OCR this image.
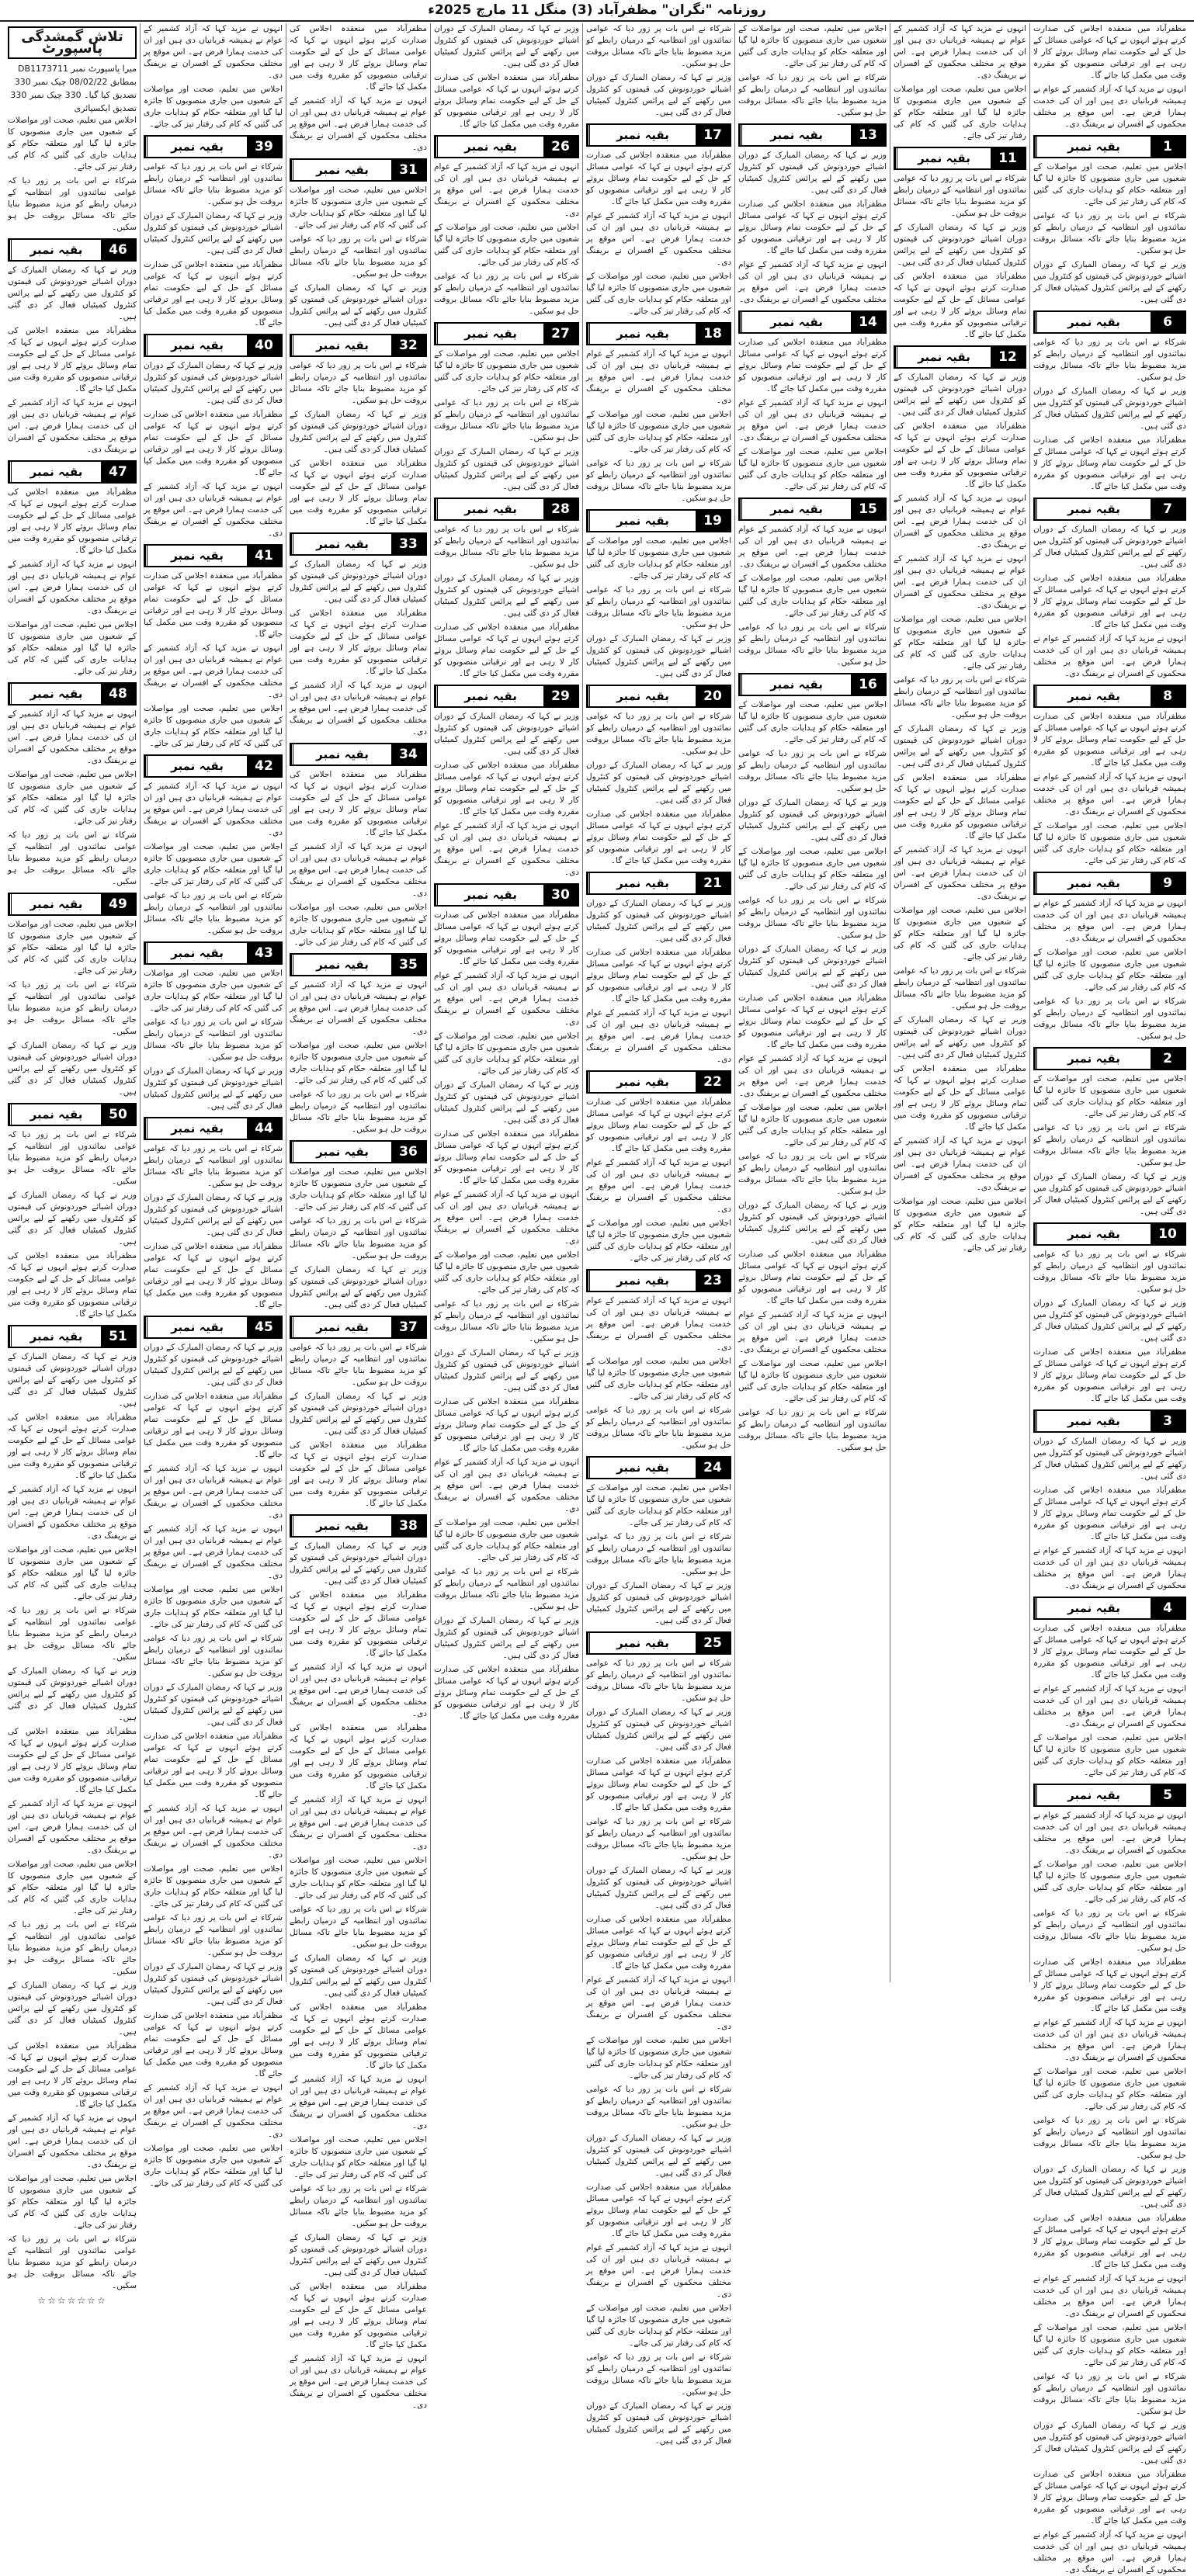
روزنامہ "نگران" مظفرآباد (3) منگل 11 مارچ 2025ء

مظفرآباد میں منعقدہ اجلاس کی صدارت کرتے ہوئے انہوں نے کہا کہ عوامی مسائل کے حل کے لیے حکومت تمام وسائل بروئے کار لا رہی ہے اور ترقیاتی منصوبوں کو مقررہ وقت میں مکمل کیا جائے گا۔

انہوں نے مزید کہا کہ آزاد کشمیر کے عوام نے ہمیشہ قربانیاں دی ہیں اور ان کی خدمت ہمارا فرض ہے۔ اس موقع پر مختلف محکموں کے افسران نے بریفنگ دی۔

بقیہ نمبر	1

اجلاس میں تعلیم، صحت اور مواصلات کے شعبوں میں جاری منصوبوں کا جائزہ لیا گیا اور متعلقہ حکام کو ہدایات جاری کی گئیں کہ کام کی رفتار تیز کی جائے۔

شرکاء نے اس بات پر زور دیا کہ عوامی نمائندوں اور انتظامیہ کے درمیان رابطے کو مزید مضبوط بنایا جائے تاکہ مسائل بروقت حل ہو سکیں۔

وزیر نے کہا کہ رمضان المبارک کے دوران اشیائے خوردونوش کی قیمتوں کو کنٹرول میں رکھنے کے لیے پرائس کنٹرول کمیٹیاں فعال کر دی گئی ہیں۔

بقیہ نمبر	6

شرکاء نے اس بات پر زور دیا کہ عوامی نمائندوں اور انتظامیہ کے درمیان رابطے کو مزید مضبوط بنایا جائے تاکہ مسائل بروقت حل ہو سکیں۔

وزیر نے کہا کہ رمضان المبارک کے دوران اشیائے خوردونوش کی قیمتوں کو کنٹرول میں رکھنے کے لیے پرائس کنٹرول کمیٹیاں فعال کر دی گئی ہیں۔

مظفرآباد میں منعقدہ اجلاس کی صدارت کرتے ہوئے انہوں نے کہا کہ عوامی مسائل کے حل کے لیے حکومت تمام وسائل بروئے کار لا رہی ہے اور ترقیاتی منصوبوں کو مقررہ وقت میں مکمل کیا جائے گا۔

بقیہ نمبر	7

وزیر نے کہا کہ رمضان المبارک کے دوران اشیائے خوردونوش کی قیمتوں کو کنٹرول میں رکھنے کے لیے پرائس کنٹرول کمیٹیاں فعال کر دی گئی ہیں۔

مظفرآباد میں منعقدہ اجلاس کی صدارت کرتے ہوئے انہوں نے کہا کہ عوامی مسائل کے حل کے لیے حکومت تمام وسائل بروئے کار لا رہی ہے اور ترقیاتی منصوبوں کو مقررہ وقت میں مکمل کیا جائے گا۔

انہوں نے مزید کہا کہ آزاد کشمیر کے عوام نے ہمیشہ قربانیاں دی ہیں اور ان کی خدمت ہمارا فرض ہے۔ اس موقع پر مختلف محکموں کے افسران نے بریفنگ دی۔

بقیہ نمبر	8

مظفرآباد میں منعقدہ اجلاس کی صدارت کرتے ہوئے انہوں نے کہا کہ عوامی مسائل کے حل کے لیے حکومت تمام وسائل بروئے کار لا رہی ہے اور ترقیاتی منصوبوں کو مقررہ وقت میں مکمل کیا جائے گا۔

انہوں نے مزید کہا کہ آزاد کشمیر کے عوام نے ہمیشہ قربانیاں دی ہیں اور ان کی خدمت ہمارا فرض ہے۔ اس موقع پر مختلف محکموں کے افسران نے بریفنگ دی۔

اجلاس میں تعلیم، صحت اور مواصلات کے شعبوں میں جاری منصوبوں کا جائزہ لیا گیا اور متعلقہ حکام کو ہدایات جاری کی گئیں کہ کام کی رفتار تیز کی جائے۔

بقیہ نمبر	9

انہوں نے مزید کہا کہ آزاد کشمیر کے عوام نے ہمیشہ قربانیاں دی ہیں اور ان کی خدمت ہمارا فرض ہے۔ اس موقع پر مختلف محکموں کے افسران نے بریفنگ دی۔

اجلاس میں تعلیم، صحت اور مواصلات کے شعبوں میں جاری منصوبوں کا جائزہ لیا گیا اور متعلقہ حکام کو ہدایات جاری کی گئیں کہ کام کی رفتار تیز کی جائے۔

شرکاء نے اس بات پر زور دیا کہ عوامی نمائندوں اور انتظامیہ کے درمیان رابطے کو مزید مضبوط بنایا جائے تاکہ مسائل بروقت حل ہو سکیں۔

بقیہ نمبر	2

اجلاس میں تعلیم، صحت اور مواصلات کے شعبوں میں جاری منصوبوں کا جائزہ لیا گیا اور متعلقہ حکام کو ہدایات جاری کی گئیں کہ کام کی رفتار تیز کی جائے۔

شرکاء نے اس بات پر زور دیا کہ عوامی نمائندوں اور انتظامیہ کے درمیان رابطے کو مزید مضبوط بنایا جائے تاکہ مسائل بروقت حل ہو سکیں۔

وزیر نے کہا کہ رمضان المبارک کے دوران اشیائے خوردونوش کی قیمتوں کو کنٹرول میں رکھنے کے لیے پرائس کنٹرول کمیٹیاں فعال کر دی گئی ہیں۔

بقیہ نمبر	10

شرکاء نے اس بات پر زور دیا کہ عوامی نمائندوں اور انتظامیہ کے درمیان رابطے کو مزید مضبوط بنایا جائے تاکہ مسائل بروقت حل ہو سکیں۔

وزیر نے کہا کہ رمضان المبارک کے دوران اشیائے خوردونوش کی قیمتوں کو کنٹرول میں رکھنے کے لیے پرائس کنٹرول کمیٹیاں فعال کر دی گئی ہیں۔

مظفرآباد میں منعقدہ اجلاس کی صدارت کرتے ہوئے انہوں نے کہا کہ عوامی مسائل کے حل کے لیے حکومت تمام وسائل بروئے کار لا رہی ہے اور ترقیاتی منصوبوں کو مقررہ وقت میں مکمل کیا جائے گا۔

بقیہ نمبر	3

وزیر نے کہا کہ رمضان المبارک کے دوران اشیائے خوردونوش کی قیمتوں کو کنٹرول میں رکھنے کے لیے پرائس کنٹرول کمیٹیاں فعال کر دی گئی ہیں۔

مظفرآباد میں منعقدہ اجلاس کی صدارت کرتے ہوئے انہوں نے کہا کہ عوامی مسائل کے حل کے لیے حکومت تمام وسائل بروئے کار لا رہی ہے اور ترقیاتی منصوبوں کو مقررہ وقت میں مکمل کیا جائے گا۔

انہوں نے مزید کہا کہ آزاد کشمیر کے عوام نے ہمیشہ قربانیاں دی ہیں اور ان کی خدمت ہمارا فرض ہے۔ اس موقع پر مختلف محکموں کے افسران نے بریفنگ دی۔

بقیہ نمبر	4

مظفرآباد میں منعقدہ اجلاس کی صدارت کرتے ہوئے انہوں نے کہا کہ عوامی مسائل کے حل کے لیے حکومت تمام وسائل بروئے کار لا رہی ہے اور ترقیاتی منصوبوں کو مقررہ وقت میں مکمل کیا جائے گا۔

انہوں نے مزید کہا کہ آزاد کشمیر کے عوام نے ہمیشہ قربانیاں دی ہیں اور ان کی خدمت ہمارا فرض ہے۔ اس موقع پر مختلف محکموں کے افسران نے بریفنگ دی۔

اجلاس میں تعلیم، صحت اور مواصلات کے شعبوں میں جاری منصوبوں کا جائزہ لیا گیا اور متعلقہ حکام کو ہدایات جاری کی گئیں کہ کام کی رفتار تیز کی جائے۔

بقیہ نمبر	5

انہوں نے مزید کہا کہ آزاد کشمیر کے عوام نے ہمیشہ قربانیاں دی ہیں اور ان کی خدمت ہمارا فرض ہے۔ اس موقع پر مختلف محکموں کے افسران نے بریفنگ دی۔

اجلاس میں تعلیم، صحت اور مواصلات کے شعبوں میں جاری منصوبوں کا جائزہ لیا گیا اور متعلقہ حکام کو ہدایات جاری کی گئیں کہ کام کی رفتار تیز کی جائے۔

شرکاء نے اس بات پر زور دیا کہ عوامی نمائندوں اور انتظامیہ کے درمیان رابطے کو مزید مضبوط بنایا جائے تاکہ مسائل بروقت حل ہو سکیں۔

مظفرآباد میں منعقدہ اجلاس کی صدارت کرتے ہوئے انہوں نے کہا کہ عوامی مسائل کے حل کے لیے حکومت تمام وسائل بروئے کار لا رہی ہے اور ترقیاتی منصوبوں کو مقررہ وقت میں مکمل کیا جائے گا۔

انہوں نے مزید کہا کہ آزاد کشمیر کے عوام نے ہمیشہ قربانیاں دی ہیں اور ان کی خدمت ہمارا فرض ہے۔ اس موقع پر مختلف محکموں کے افسران نے بریفنگ دی۔

اجلاس میں تعلیم، صحت اور مواصلات کے شعبوں میں جاری منصوبوں کا جائزہ لیا گیا اور متعلقہ حکام کو ہدایات جاری کی گئیں کہ کام کی رفتار تیز کی جائے۔

شرکاء نے اس بات پر زور دیا کہ عوامی نمائندوں اور انتظامیہ کے درمیان رابطے کو مزید مضبوط بنایا جائے تاکہ مسائل بروقت حل ہو سکیں۔

وزیر نے کہا کہ رمضان المبارک کے دوران اشیائے خوردونوش کی قیمتوں کو کنٹرول میں رکھنے کے لیے پرائس کنٹرول کمیٹیاں فعال کر دی گئی ہیں۔

مظفرآباد میں منعقدہ اجلاس کی صدارت کرتے ہوئے انہوں نے کہا کہ عوامی مسائل کے حل کے لیے حکومت تمام وسائل بروئے کار لا رہی ہے اور ترقیاتی منصوبوں کو مقررہ وقت میں مکمل کیا جائے گا۔

انہوں نے مزید کہا کہ آزاد کشمیر کے عوام نے ہمیشہ قربانیاں دی ہیں اور ان کی خدمت ہمارا فرض ہے۔ اس موقع پر مختلف محکموں کے افسران نے بریفنگ دی۔

اجلاس میں تعلیم، صحت اور مواصلات کے شعبوں میں جاری منصوبوں کا جائزہ لیا گیا اور متعلقہ حکام کو ہدایات جاری کی گئیں کہ کام کی رفتار تیز کی جائے۔

شرکاء نے اس بات پر زور دیا کہ عوامی نمائندوں اور انتظامیہ کے درمیان رابطے کو مزید مضبوط بنایا جائے تاکہ مسائل بروقت حل ہو سکیں۔

وزیر نے کہا کہ رمضان المبارک کے دوران اشیائے خوردونوش کی قیمتوں کو کنٹرول میں رکھنے کے لیے پرائس کنٹرول کمیٹیاں فعال کر دی گئی ہیں۔

مظفرآباد میں منعقدہ اجلاس کی صدارت کرتے ہوئے انہوں نے کہا کہ عوامی مسائل کے حل کے لیے حکومت تمام وسائل بروئے کار لا رہی ہے اور ترقیاتی منصوبوں کو مقررہ وقت میں مکمل کیا جائے گا۔

انہوں نے مزید کہا کہ آزاد کشمیر کے عوام نے ہمیشہ قربانیاں دی ہیں اور ان کی خدمت ہمارا فرض ہے۔ اس موقع پر مختلف محکموں کے افسران نے بریفنگ دی۔

انہوں نے مزید کہا کہ آزاد کشمیر کے عوام نے ہمیشہ قربانیاں دی ہیں اور ان کی خدمت ہمارا فرض ہے۔ اس موقع پر مختلف محکموں کے افسران نے بریفنگ دی۔

اجلاس میں تعلیم، صحت اور مواصلات کے شعبوں میں جاری منصوبوں کا جائزہ لیا گیا اور متعلقہ حکام کو ہدایات جاری کی گئیں کہ کام کی رفتار تیز کی جائے۔

بقیہ نمبر	11

شرکاء نے اس بات پر زور دیا کہ عوامی نمائندوں اور انتظامیہ کے درمیان رابطے کو مزید مضبوط بنایا جائے تاکہ مسائل بروقت حل ہو سکیں۔

وزیر نے کہا کہ رمضان المبارک کے دوران اشیائے خوردونوش کی قیمتوں کو کنٹرول میں رکھنے کے لیے پرائس کنٹرول کمیٹیاں فعال کر دی گئی ہیں۔

مظفرآباد میں منعقدہ اجلاس کی صدارت کرتے ہوئے انہوں نے کہا کہ عوامی مسائل کے حل کے لیے حکومت تمام وسائل بروئے کار لا رہی ہے اور ترقیاتی منصوبوں کو مقررہ وقت میں مکمل کیا جائے گا۔

بقیہ نمبر	12

وزیر نے کہا کہ رمضان المبارک کے دوران اشیائے خوردونوش کی قیمتوں کو کنٹرول میں رکھنے کے لیے پرائس کنٹرول کمیٹیاں فعال کر دی گئی ہیں۔

مظفرآباد میں منعقدہ اجلاس کی صدارت کرتے ہوئے انہوں نے کہا کہ عوامی مسائل کے حل کے لیے حکومت تمام وسائل بروئے کار لا رہی ہے اور ترقیاتی منصوبوں کو مقررہ وقت میں مکمل کیا جائے گا۔

انہوں نے مزید کہا کہ آزاد کشمیر کے عوام نے ہمیشہ قربانیاں دی ہیں اور ان کی خدمت ہمارا فرض ہے۔ اس موقع پر مختلف محکموں کے افسران نے بریفنگ دی۔

انہوں نے مزید کہا کہ آزاد کشمیر کے عوام نے ہمیشہ قربانیاں دی ہیں اور ان کی خدمت ہمارا فرض ہے۔ اس موقع پر مختلف محکموں کے افسران نے بریفنگ دی۔

اجلاس میں تعلیم، صحت اور مواصلات کے شعبوں میں جاری منصوبوں کا جائزہ لیا گیا اور متعلقہ حکام کو ہدایات جاری کی گئیں کہ کام کی رفتار تیز کی جائے۔

شرکاء نے اس بات پر زور دیا کہ عوامی نمائندوں اور انتظامیہ کے درمیان رابطے کو مزید مضبوط بنایا جائے تاکہ مسائل بروقت حل ہو سکیں۔

وزیر نے کہا کہ رمضان المبارک کے دوران اشیائے خوردونوش کی قیمتوں کو کنٹرول میں رکھنے کے لیے پرائس کنٹرول کمیٹیاں فعال کر دی گئی ہیں۔

مظفرآباد میں منعقدہ اجلاس کی صدارت کرتے ہوئے انہوں نے کہا کہ عوامی مسائل کے حل کے لیے حکومت تمام وسائل بروئے کار لا رہی ہے اور ترقیاتی منصوبوں کو مقررہ وقت میں مکمل کیا جائے گا۔

انہوں نے مزید کہا کہ آزاد کشمیر کے عوام نے ہمیشہ قربانیاں دی ہیں اور ان کی خدمت ہمارا فرض ہے۔ اس موقع پر مختلف محکموں کے افسران نے بریفنگ دی۔

اجلاس میں تعلیم، صحت اور مواصلات کے شعبوں میں جاری منصوبوں کا جائزہ لیا گیا اور متعلقہ حکام کو ہدایات جاری کی گئیں کہ کام کی رفتار تیز کی جائے۔

شرکاء نے اس بات پر زور دیا کہ عوامی نمائندوں اور انتظامیہ کے درمیان رابطے کو مزید مضبوط بنایا جائے تاکہ مسائل بروقت حل ہو سکیں۔

وزیر نے کہا کہ رمضان المبارک کے دوران اشیائے خوردونوش کی قیمتوں کو کنٹرول میں رکھنے کے لیے پرائس کنٹرول کمیٹیاں فعال کر دی گئی ہیں۔

مظفرآباد میں منعقدہ اجلاس کی صدارت کرتے ہوئے انہوں نے کہا کہ عوامی مسائل کے حل کے لیے حکومت تمام وسائل بروئے کار لا رہی ہے اور ترقیاتی منصوبوں کو مقررہ وقت میں مکمل کیا جائے گا۔

انہوں نے مزید کہا کہ آزاد کشمیر کے عوام نے ہمیشہ قربانیاں دی ہیں اور ان کی خدمت ہمارا فرض ہے۔ اس موقع پر مختلف محکموں کے افسران نے بریفنگ دی۔

اجلاس میں تعلیم، صحت اور مواصلات کے شعبوں میں جاری منصوبوں کا جائزہ لیا گیا اور متعلقہ حکام کو ہدایات جاری کی گئیں کہ کام کی رفتار تیز کی جائے۔

اجلاس میں تعلیم، صحت اور مواصلات کے شعبوں میں جاری منصوبوں کا جائزہ لیا گیا اور متعلقہ حکام کو ہدایات جاری کی گئیں کہ کام کی رفتار تیز کی جائے۔

شرکاء نے اس بات پر زور دیا کہ عوامی نمائندوں اور انتظامیہ کے درمیان رابطے کو مزید مضبوط بنایا جائے تاکہ مسائل بروقت حل ہو سکیں۔

بقیہ نمبر	13

وزیر نے کہا کہ رمضان المبارک کے دوران اشیائے خوردونوش کی قیمتوں کو کنٹرول میں رکھنے کے لیے پرائس کنٹرول کمیٹیاں فعال کر دی گئی ہیں۔

مظفرآباد میں منعقدہ اجلاس کی صدارت کرتے ہوئے انہوں نے کہا کہ عوامی مسائل کے حل کے لیے حکومت تمام وسائل بروئے کار لا رہی ہے اور ترقیاتی منصوبوں کو مقررہ وقت میں مکمل کیا جائے گا۔

انہوں نے مزید کہا کہ آزاد کشمیر کے عوام نے ہمیشہ قربانیاں دی ہیں اور ان کی خدمت ہمارا فرض ہے۔ اس موقع پر مختلف محکموں کے افسران نے بریفنگ دی۔

بقیہ نمبر	14

مظفرآباد میں منعقدہ اجلاس کی صدارت کرتے ہوئے انہوں نے کہا کہ عوامی مسائل کے حل کے لیے حکومت تمام وسائل بروئے کار لا رہی ہے اور ترقیاتی منصوبوں کو مقررہ وقت میں مکمل کیا جائے گا۔

انہوں نے مزید کہا کہ آزاد کشمیر کے عوام نے ہمیشہ قربانیاں دی ہیں اور ان کی خدمت ہمارا فرض ہے۔ اس موقع پر مختلف محکموں کے افسران نے بریفنگ دی۔

اجلاس میں تعلیم، صحت اور مواصلات کے شعبوں میں جاری منصوبوں کا جائزہ لیا گیا اور متعلقہ حکام کو ہدایات جاری کی گئیں کہ کام کی رفتار تیز کی جائے۔

بقیہ نمبر	15

انہوں نے مزید کہا کہ آزاد کشمیر کے عوام نے ہمیشہ قربانیاں دی ہیں اور ان کی خدمت ہمارا فرض ہے۔ اس موقع پر مختلف محکموں کے افسران نے بریفنگ دی۔

اجلاس میں تعلیم، صحت اور مواصلات کے شعبوں میں جاری منصوبوں کا جائزہ لیا گیا اور متعلقہ حکام کو ہدایات جاری کی گئیں کہ کام کی رفتار تیز کی جائے۔

شرکاء نے اس بات پر زور دیا کہ عوامی نمائندوں اور انتظامیہ کے درمیان رابطے کو مزید مضبوط بنایا جائے تاکہ مسائل بروقت حل ہو سکیں۔

بقیہ نمبر	16

اجلاس میں تعلیم، صحت اور مواصلات کے شعبوں میں جاری منصوبوں کا جائزہ لیا گیا اور متعلقہ حکام کو ہدایات جاری کی گئیں کہ کام کی رفتار تیز کی جائے۔

شرکاء نے اس بات پر زور دیا کہ عوامی نمائندوں اور انتظامیہ کے درمیان رابطے کو مزید مضبوط بنایا جائے تاکہ مسائل بروقت حل ہو سکیں۔

وزیر نے کہا کہ رمضان المبارک کے دوران اشیائے خوردونوش کی قیمتوں کو کنٹرول میں رکھنے کے لیے پرائس کنٹرول کمیٹیاں فعال کر دی گئی ہیں۔

اجلاس میں تعلیم، صحت اور مواصلات کے شعبوں میں جاری منصوبوں کا جائزہ لیا گیا اور متعلقہ حکام کو ہدایات جاری کی گئیں کہ کام کی رفتار تیز کی جائے۔

شرکاء نے اس بات پر زور دیا کہ عوامی نمائندوں اور انتظامیہ کے درمیان رابطے کو مزید مضبوط بنایا جائے تاکہ مسائل بروقت حل ہو سکیں۔

وزیر نے کہا کہ رمضان المبارک کے دوران اشیائے خوردونوش کی قیمتوں کو کنٹرول میں رکھنے کے لیے پرائس کنٹرول کمیٹیاں فعال کر دی گئی ہیں۔

مظفرآباد میں منعقدہ اجلاس کی صدارت کرتے ہوئے انہوں نے کہا کہ عوامی مسائل کے حل کے لیے حکومت تمام وسائل بروئے کار لا رہی ہے اور ترقیاتی منصوبوں کو مقررہ وقت میں مکمل کیا جائے گا۔

انہوں نے مزید کہا کہ آزاد کشمیر کے عوام نے ہمیشہ قربانیاں دی ہیں اور ان کی خدمت ہمارا فرض ہے۔ اس موقع پر مختلف محکموں کے افسران نے بریفنگ دی۔

اجلاس میں تعلیم، صحت اور مواصلات کے شعبوں میں جاری منصوبوں کا جائزہ لیا گیا اور متعلقہ حکام کو ہدایات جاری کی گئیں کہ کام کی رفتار تیز کی جائے۔

شرکاء نے اس بات پر زور دیا کہ عوامی نمائندوں اور انتظامیہ کے درمیان رابطے کو مزید مضبوط بنایا جائے تاکہ مسائل بروقت حل ہو سکیں۔

وزیر نے کہا کہ رمضان المبارک کے دوران اشیائے خوردونوش کی قیمتوں کو کنٹرول میں رکھنے کے لیے پرائس کنٹرول کمیٹیاں فعال کر دی گئی ہیں۔

مظفرآباد میں منعقدہ اجلاس کی صدارت کرتے ہوئے انہوں نے کہا کہ عوامی مسائل کے حل کے لیے حکومت تمام وسائل بروئے کار لا رہی ہے اور ترقیاتی منصوبوں کو مقررہ وقت میں مکمل کیا جائے گا۔

انہوں نے مزید کہا کہ آزاد کشمیر کے عوام نے ہمیشہ قربانیاں دی ہیں اور ان کی خدمت ہمارا فرض ہے۔ اس موقع پر مختلف محکموں کے افسران نے بریفنگ دی۔

اجلاس میں تعلیم، صحت اور مواصلات کے شعبوں میں جاری منصوبوں کا جائزہ لیا گیا اور متعلقہ حکام کو ہدایات جاری کی گئیں کہ کام کی رفتار تیز کی جائے۔

شرکاء نے اس بات پر زور دیا کہ عوامی نمائندوں اور انتظامیہ کے درمیان رابطے کو مزید مضبوط بنایا جائے تاکہ مسائل بروقت حل ہو سکیں۔

شرکاء نے اس بات پر زور دیا کہ عوامی نمائندوں اور انتظامیہ کے درمیان رابطے کو مزید مضبوط بنایا جائے تاکہ مسائل بروقت حل ہو سکیں۔

وزیر نے کہا کہ رمضان المبارک کے دوران اشیائے خوردونوش کی قیمتوں کو کنٹرول میں رکھنے کے لیے پرائس کنٹرول کمیٹیاں فعال کر دی گئی ہیں۔

بقیہ نمبر	17

مظفرآباد میں منعقدہ اجلاس کی صدارت کرتے ہوئے انہوں نے کہا کہ عوامی مسائل کے حل کے لیے حکومت تمام وسائل بروئے کار لا رہی ہے اور ترقیاتی منصوبوں کو مقررہ وقت میں مکمل کیا جائے گا۔

انہوں نے مزید کہا کہ آزاد کشمیر کے عوام نے ہمیشہ قربانیاں دی ہیں اور ان کی خدمت ہمارا فرض ہے۔ اس موقع پر مختلف محکموں کے افسران نے بریفنگ دی۔

اجلاس میں تعلیم، صحت اور مواصلات کے شعبوں میں جاری منصوبوں کا جائزہ لیا گیا اور متعلقہ حکام کو ہدایات جاری کی گئیں کہ کام کی رفتار تیز کی جائے۔

بقیہ نمبر	18

انہوں نے مزید کہا کہ آزاد کشمیر کے عوام نے ہمیشہ قربانیاں دی ہیں اور ان کی خدمت ہمارا فرض ہے۔ اس موقع پر مختلف محکموں کے افسران نے بریفنگ دی۔

اجلاس میں تعلیم، صحت اور مواصلات کے شعبوں میں جاری منصوبوں کا جائزہ لیا گیا اور متعلقہ حکام کو ہدایات جاری کی گئیں کہ کام کی رفتار تیز کی جائے۔

شرکاء نے اس بات پر زور دیا کہ عوامی نمائندوں اور انتظامیہ کے درمیان رابطے کو مزید مضبوط بنایا جائے تاکہ مسائل بروقت حل ہو سکیں۔

بقیہ نمبر	19

اجلاس میں تعلیم، صحت اور مواصلات کے شعبوں میں جاری منصوبوں کا جائزہ لیا گیا اور متعلقہ حکام کو ہدایات جاری کی گئیں کہ کام کی رفتار تیز کی جائے۔

شرکاء نے اس بات پر زور دیا کہ عوامی نمائندوں اور انتظامیہ کے درمیان رابطے کو مزید مضبوط بنایا جائے تاکہ مسائل بروقت حل ہو سکیں۔

وزیر نے کہا کہ رمضان المبارک کے دوران اشیائے خوردونوش کی قیمتوں کو کنٹرول میں رکھنے کے لیے پرائس کنٹرول کمیٹیاں فعال کر دی گئی ہیں۔

بقیہ نمبر	20

شرکاء نے اس بات پر زور دیا کہ عوامی نمائندوں اور انتظامیہ کے درمیان رابطے کو مزید مضبوط بنایا جائے تاکہ مسائل بروقت حل ہو سکیں۔

وزیر نے کہا کہ رمضان المبارک کے دوران اشیائے خوردونوش کی قیمتوں کو کنٹرول میں رکھنے کے لیے پرائس کنٹرول کمیٹیاں فعال کر دی گئی ہیں۔

مظفرآباد میں منعقدہ اجلاس کی صدارت کرتے ہوئے انہوں نے کہا کہ عوامی مسائل کے حل کے لیے حکومت تمام وسائل بروئے کار لا رہی ہے اور ترقیاتی منصوبوں کو مقررہ وقت میں مکمل کیا جائے گا۔

بقیہ نمبر	21

وزیر نے کہا کہ رمضان المبارک کے دوران اشیائے خوردونوش کی قیمتوں کو کنٹرول میں رکھنے کے لیے پرائس کنٹرول کمیٹیاں فعال کر دی گئی ہیں۔

مظفرآباد میں منعقدہ اجلاس کی صدارت کرتے ہوئے انہوں نے کہا کہ عوامی مسائل کے حل کے لیے حکومت تمام وسائل بروئے کار لا رہی ہے اور ترقیاتی منصوبوں کو مقررہ وقت میں مکمل کیا جائے گا۔

انہوں نے مزید کہا کہ آزاد کشمیر کے عوام نے ہمیشہ قربانیاں دی ہیں اور ان کی خدمت ہمارا فرض ہے۔ اس موقع پر مختلف محکموں کے افسران نے بریفنگ دی۔

بقیہ نمبر	22

مظفرآباد میں منعقدہ اجلاس کی صدارت کرتے ہوئے انہوں نے کہا کہ عوامی مسائل کے حل کے لیے حکومت تمام وسائل بروئے کار لا رہی ہے اور ترقیاتی منصوبوں کو مقررہ وقت میں مکمل کیا جائے گا۔

انہوں نے مزید کہا کہ آزاد کشمیر کے عوام نے ہمیشہ قربانیاں دی ہیں اور ان کی خدمت ہمارا فرض ہے۔ اس موقع پر مختلف محکموں کے افسران نے بریفنگ دی۔

اجلاس میں تعلیم، صحت اور مواصلات کے شعبوں میں جاری منصوبوں کا جائزہ لیا گیا اور متعلقہ حکام کو ہدایات جاری کی گئیں کہ کام کی رفتار تیز کی جائے۔

بقیہ نمبر	23

انہوں نے مزید کہا کہ آزاد کشمیر کے عوام نے ہمیشہ قربانیاں دی ہیں اور ان کی خدمت ہمارا فرض ہے۔ اس موقع پر مختلف محکموں کے افسران نے بریفنگ دی۔

اجلاس میں تعلیم، صحت اور مواصلات کے شعبوں میں جاری منصوبوں کا جائزہ لیا گیا اور متعلقہ حکام کو ہدایات جاری کی گئیں کہ کام کی رفتار تیز کی جائے۔

شرکاء نے اس بات پر زور دیا کہ عوامی نمائندوں اور انتظامیہ کے درمیان رابطے کو مزید مضبوط بنایا جائے تاکہ مسائل بروقت حل ہو سکیں۔

بقیہ نمبر	24

اجلاس میں تعلیم، صحت اور مواصلات کے شعبوں میں جاری منصوبوں کا جائزہ لیا گیا اور متعلقہ حکام کو ہدایات جاری کی گئیں کہ کام کی رفتار تیز کی جائے۔

شرکاء نے اس بات پر زور دیا کہ عوامی نمائندوں اور انتظامیہ کے درمیان رابطے کو مزید مضبوط بنایا جائے تاکہ مسائل بروقت حل ہو سکیں۔

وزیر نے کہا کہ رمضان المبارک کے دوران اشیائے خوردونوش کی قیمتوں کو کنٹرول میں رکھنے کے لیے پرائس کنٹرول کمیٹیاں فعال کر دی گئی ہیں۔

بقیہ نمبر	25

شرکاء نے اس بات پر زور دیا کہ عوامی نمائندوں اور انتظامیہ کے درمیان رابطے کو مزید مضبوط بنایا جائے تاکہ مسائل بروقت حل ہو سکیں۔

وزیر نے کہا کہ رمضان المبارک کے دوران اشیائے خوردونوش کی قیمتوں کو کنٹرول میں رکھنے کے لیے پرائس کنٹرول کمیٹیاں فعال کر دی گئی ہیں۔

مظفرآباد میں منعقدہ اجلاس کی صدارت کرتے ہوئے انہوں نے کہا کہ عوامی مسائل کے حل کے لیے حکومت تمام وسائل بروئے کار لا رہی ہے اور ترقیاتی منصوبوں کو مقررہ وقت میں مکمل کیا جائے گا۔

شرکاء نے اس بات پر زور دیا کہ عوامی نمائندوں اور انتظامیہ کے درمیان رابطے کو مزید مضبوط بنایا جائے تاکہ مسائل بروقت حل ہو سکیں۔

وزیر نے کہا کہ رمضان المبارک کے دوران اشیائے خوردونوش کی قیمتوں کو کنٹرول میں رکھنے کے لیے پرائس کنٹرول کمیٹیاں فعال کر دی گئی ہیں۔

مظفرآباد میں منعقدہ اجلاس کی صدارت کرتے ہوئے انہوں نے کہا کہ عوامی مسائل کے حل کے لیے حکومت تمام وسائل بروئے کار لا رہی ہے اور ترقیاتی منصوبوں کو مقررہ وقت میں مکمل کیا جائے گا۔

انہوں نے مزید کہا کہ آزاد کشمیر کے عوام نے ہمیشہ قربانیاں دی ہیں اور ان کی خدمت ہمارا فرض ہے۔ اس موقع پر مختلف محکموں کے افسران نے بریفنگ دی۔

اجلاس میں تعلیم، صحت اور مواصلات کے شعبوں میں جاری منصوبوں کا جائزہ لیا گیا اور متعلقہ حکام کو ہدایات جاری کی گئیں کہ کام کی رفتار تیز کی جائے۔

شرکاء نے اس بات پر زور دیا کہ عوامی نمائندوں اور انتظامیہ کے درمیان رابطے کو مزید مضبوط بنایا جائے تاکہ مسائل بروقت حل ہو سکیں۔

وزیر نے کہا کہ رمضان المبارک کے دوران اشیائے خوردونوش کی قیمتوں کو کنٹرول میں رکھنے کے لیے پرائس کنٹرول کمیٹیاں فعال کر دی گئی ہیں۔

مظفرآباد میں منعقدہ اجلاس کی صدارت کرتے ہوئے انہوں نے کہا کہ عوامی مسائل کے حل کے لیے حکومت تمام وسائل بروئے کار لا رہی ہے اور ترقیاتی منصوبوں کو مقررہ وقت میں مکمل کیا جائے گا۔

انہوں نے مزید کہا کہ آزاد کشمیر کے عوام نے ہمیشہ قربانیاں دی ہیں اور ان کی خدمت ہمارا فرض ہے۔ اس موقع پر مختلف محکموں کے افسران نے بریفنگ دی۔

اجلاس میں تعلیم، صحت اور مواصلات کے شعبوں میں جاری منصوبوں کا جائزہ لیا گیا اور متعلقہ حکام کو ہدایات جاری کی گئیں کہ کام کی رفتار تیز کی جائے۔

شرکاء نے اس بات پر زور دیا کہ عوامی نمائندوں اور انتظامیہ کے درمیان رابطے کو مزید مضبوط بنایا جائے تاکہ مسائل بروقت حل ہو سکیں۔

وزیر نے کہا کہ رمضان المبارک کے دوران اشیائے خوردونوش کی قیمتوں کو کنٹرول میں رکھنے کے لیے پرائس کنٹرول کمیٹیاں فعال کر دی گئی ہیں۔

وزیر نے کہا کہ رمضان المبارک کے دوران اشیائے خوردونوش کی قیمتوں کو کنٹرول میں رکھنے کے لیے پرائس کنٹرول کمیٹیاں فعال کر دی گئی ہیں۔

مظفرآباد میں منعقدہ اجلاس کی صدارت کرتے ہوئے انہوں نے کہا کہ عوامی مسائل کے حل کے لیے حکومت تمام وسائل بروئے کار لا رہی ہے اور ترقیاتی منصوبوں کو مقررہ وقت میں مکمل کیا جائے گا۔

بقیہ نمبر	26

انہوں نے مزید کہا کہ آزاد کشمیر کے عوام نے ہمیشہ قربانیاں دی ہیں اور ان کی خدمت ہمارا فرض ہے۔ اس موقع پر مختلف محکموں کے افسران نے بریفنگ دی۔

اجلاس میں تعلیم، صحت اور مواصلات کے شعبوں میں جاری منصوبوں کا جائزہ لیا گیا اور متعلقہ حکام کو ہدایات جاری کی گئیں کہ کام کی رفتار تیز کی جائے۔

شرکاء نے اس بات پر زور دیا کہ عوامی نمائندوں اور انتظامیہ کے درمیان رابطے کو مزید مضبوط بنایا جائے تاکہ مسائل بروقت حل ہو سکیں۔

بقیہ نمبر	27

اجلاس میں تعلیم، صحت اور مواصلات کے شعبوں میں جاری منصوبوں کا جائزہ لیا گیا اور متعلقہ حکام کو ہدایات جاری کی گئیں کہ کام کی رفتار تیز کی جائے۔

شرکاء نے اس بات پر زور دیا کہ عوامی نمائندوں اور انتظامیہ کے درمیان رابطے کو مزید مضبوط بنایا جائے تاکہ مسائل بروقت حل ہو سکیں۔

وزیر نے کہا کہ رمضان المبارک کے دوران اشیائے خوردونوش کی قیمتوں کو کنٹرول میں رکھنے کے لیے پرائس کنٹرول کمیٹیاں فعال کر دی گئی ہیں۔

بقیہ نمبر	28

شرکاء نے اس بات پر زور دیا کہ عوامی نمائندوں اور انتظامیہ کے درمیان رابطے کو مزید مضبوط بنایا جائے تاکہ مسائل بروقت حل ہو سکیں۔

وزیر نے کہا کہ رمضان المبارک کے دوران اشیائے خوردونوش کی قیمتوں کو کنٹرول میں رکھنے کے لیے پرائس کنٹرول کمیٹیاں فعال کر دی گئی ہیں۔

مظفرآباد میں منعقدہ اجلاس کی صدارت کرتے ہوئے انہوں نے کہا کہ عوامی مسائل کے حل کے لیے حکومت تمام وسائل بروئے کار لا رہی ہے اور ترقیاتی منصوبوں کو مقررہ وقت میں مکمل کیا جائے گا۔

بقیہ نمبر	29

وزیر نے کہا کہ رمضان المبارک کے دوران اشیائے خوردونوش کی قیمتوں کو کنٹرول میں رکھنے کے لیے پرائس کنٹرول کمیٹیاں فعال کر دی گئی ہیں۔

مظفرآباد میں منعقدہ اجلاس کی صدارت کرتے ہوئے انہوں نے کہا کہ عوامی مسائل کے حل کے لیے حکومت تمام وسائل بروئے کار لا رہی ہے اور ترقیاتی منصوبوں کو مقررہ وقت میں مکمل کیا جائے گا۔

انہوں نے مزید کہا کہ آزاد کشمیر کے عوام نے ہمیشہ قربانیاں دی ہیں اور ان کی خدمت ہمارا فرض ہے۔ اس موقع پر مختلف محکموں کے افسران نے بریفنگ دی۔

بقیہ نمبر	30

مظفرآباد میں منعقدہ اجلاس کی صدارت کرتے ہوئے انہوں نے کہا کہ عوامی مسائل کے حل کے لیے حکومت تمام وسائل بروئے کار لا رہی ہے اور ترقیاتی منصوبوں کو مقررہ وقت میں مکمل کیا جائے گا۔

انہوں نے مزید کہا کہ آزاد کشمیر کے عوام نے ہمیشہ قربانیاں دی ہیں اور ان کی خدمت ہمارا فرض ہے۔ اس موقع پر مختلف محکموں کے افسران نے بریفنگ دی۔

اجلاس میں تعلیم، صحت اور مواصلات کے شعبوں میں جاری منصوبوں کا جائزہ لیا گیا اور متعلقہ حکام کو ہدایات جاری کی گئیں کہ کام کی رفتار تیز کی جائے۔

وزیر نے کہا کہ رمضان المبارک کے دوران اشیائے خوردونوش کی قیمتوں کو کنٹرول میں رکھنے کے لیے پرائس کنٹرول کمیٹیاں فعال کر دی گئی ہیں۔

مظفرآباد میں منعقدہ اجلاس کی صدارت کرتے ہوئے انہوں نے کہا کہ عوامی مسائل کے حل کے لیے حکومت تمام وسائل بروئے کار لا رہی ہے اور ترقیاتی منصوبوں کو مقررہ وقت میں مکمل کیا جائے گا۔

انہوں نے مزید کہا کہ آزاد کشمیر کے عوام نے ہمیشہ قربانیاں دی ہیں اور ان کی خدمت ہمارا فرض ہے۔ اس موقع پر مختلف محکموں کے افسران نے بریفنگ دی۔

اجلاس میں تعلیم، صحت اور مواصلات کے شعبوں میں جاری منصوبوں کا جائزہ لیا گیا اور متعلقہ حکام کو ہدایات جاری کی گئیں کہ کام کی رفتار تیز کی جائے۔

شرکاء نے اس بات پر زور دیا کہ عوامی نمائندوں اور انتظامیہ کے درمیان رابطے کو مزید مضبوط بنایا جائے تاکہ مسائل بروقت حل ہو سکیں۔

وزیر نے کہا کہ رمضان المبارک کے دوران اشیائے خوردونوش کی قیمتوں کو کنٹرول میں رکھنے کے لیے پرائس کنٹرول کمیٹیاں فعال کر دی گئی ہیں۔

مظفرآباد میں منعقدہ اجلاس کی صدارت کرتے ہوئے انہوں نے کہا کہ عوامی مسائل کے حل کے لیے حکومت تمام وسائل بروئے کار لا رہی ہے اور ترقیاتی منصوبوں کو مقررہ وقت میں مکمل کیا جائے گا۔

انہوں نے مزید کہا کہ آزاد کشمیر کے عوام نے ہمیشہ قربانیاں دی ہیں اور ان کی خدمت ہمارا فرض ہے۔ اس موقع پر مختلف محکموں کے افسران نے بریفنگ دی۔

اجلاس میں تعلیم، صحت اور مواصلات کے شعبوں میں جاری منصوبوں کا جائزہ لیا گیا اور متعلقہ حکام کو ہدایات جاری کی گئیں کہ کام کی رفتار تیز کی جائے۔

شرکاء نے اس بات پر زور دیا کہ عوامی نمائندوں اور انتظامیہ کے درمیان رابطے کو مزید مضبوط بنایا جائے تاکہ مسائل بروقت حل ہو سکیں۔

وزیر نے کہا کہ رمضان المبارک کے دوران اشیائے خوردونوش کی قیمتوں کو کنٹرول میں رکھنے کے لیے پرائس کنٹرول کمیٹیاں فعال کر دی گئی ہیں۔

مظفرآباد میں منعقدہ اجلاس کی صدارت کرتے ہوئے انہوں نے کہا کہ عوامی مسائل کے حل کے لیے حکومت تمام وسائل بروئے کار لا رہی ہے اور ترقیاتی منصوبوں کو مقررہ وقت میں مکمل کیا جائے گا۔

مظفرآباد میں منعقدہ اجلاس کی صدارت کرتے ہوئے انہوں نے کہا کہ عوامی مسائل کے حل کے لیے حکومت تمام وسائل بروئے کار لا رہی ہے اور ترقیاتی منصوبوں کو مقررہ وقت میں مکمل کیا جائے گا۔

انہوں نے مزید کہا کہ آزاد کشمیر کے عوام نے ہمیشہ قربانیاں دی ہیں اور ان کی خدمت ہمارا فرض ہے۔ اس موقع پر مختلف محکموں کے افسران نے بریفنگ دی۔

بقیہ نمبر	31

اجلاس میں تعلیم، صحت اور مواصلات کے شعبوں میں جاری منصوبوں کا جائزہ لیا گیا اور متعلقہ حکام کو ہدایات جاری کی گئیں کہ کام کی رفتار تیز کی جائے۔

شرکاء نے اس بات پر زور دیا کہ عوامی نمائندوں اور انتظامیہ کے درمیان رابطے کو مزید مضبوط بنایا جائے تاکہ مسائل بروقت حل ہو سکیں۔

وزیر نے کہا کہ رمضان المبارک کے دوران اشیائے خوردونوش کی قیمتوں کو کنٹرول میں رکھنے کے لیے پرائس کنٹرول کمیٹیاں فعال کر دی گئی ہیں۔

بقیہ نمبر	32

شرکاء نے اس بات پر زور دیا کہ عوامی نمائندوں اور انتظامیہ کے درمیان رابطے کو مزید مضبوط بنایا جائے تاکہ مسائل بروقت حل ہو سکیں۔

وزیر نے کہا کہ رمضان المبارک کے دوران اشیائے خوردونوش کی قیمتوں کو کنٹرول میں رکھنے کے لیے پرائس کنٹرول کمیٹیاں فعال کر دی گئی ہیں۔

مظفرآباد میں منعقدہ اجلاس کی صدارت کرتے ہوئے انہوں نے کہا کہ عوامی مسائل کے حل کے لیے حکومت تمام وسائل بروئے کار لا رہی ہے اور ترقیاتی منصوبوں کو مقررہ وقت میں مکمل کیا جائے گا۔

بقیہ نمبر	33

وزیر نے کہا کہ رمضان المبارک کے دوران اشیائے خوردونوش کی قیمتوں کو کنٹرول میں رکھنے کے لیے پرائس کنٹرول کمیٹیاں فعال کر دی گئی ہیں۔

مظفرآباد میں منعقدہ اجلاس کی صدارت کرتے ہوئے انہوں نے کہا کہ عوامی مسائل کے حل کے لیے حکومت تمام وسائل بروئے کار لا رہی ہے اور ترقیاتی منصوبوں کو مقررہ وقت میں مکمل کیا جائے گا۔

انہوں نے مزید کہا کہ آزاد کشمیر کے عوام نے ہمیشہ قربانیاں دی ہیں اور ان کی خدمت ہمارا فرض ہے۔ اس موقع پر مختلف محکموں کے افسران نے بریفنگ دی۔

بقیہ نمبر	34

مظفرآباد میں منعقدہ اجلاس کی صدارت کرتے ہوئے انہوں نے کہا کہ عوامی مسائل کے حل کے لیے حکومت تمام وسائل بروئے کار لا رہی ہے اور ترقیاتی منصوبوں کو مقررہ وقت میں مکمل کیا جائے گا۔

انہوں نے مزید کہا کہ آزاد کشمیر کے عوام نے ہمیشہ قربانیاں دی ہیں اور ان کی خدمت ہمارا فرض ہے۔ اس موقع پر مختلف محکموں کے افسران نے بریفنگ دی۔

اجلاس میں تعلیم، صحت اور مواصلات کے شعبوں میں جاری منصوبوں کا جائزہ لیا گیا اور متعلقہ حکام کو ہدایات جاری کی گئیں کہ کام کی رفتار تیز کی جائے۔

بقیہ نمبر	35

انہوں نے مزید کہا کہ آزاد کشمیر کے عوام نے ہمیشہ قربانیاں دی ہیں اور ان کی خدمت ہمارا فرض ہے۔ اس موقع پر مختلف محکموں کے افسران نے بریفنگ دی۔

اجلاس میں تعلیم، صحت اور مواصلات کے شعبوں میں جاری منصوبوں کا جائزہ لیا گیا اور متعلقہ حکام کو ہدایات جاری کی گئیں کہ کام کی رفتار تیز کی جائے۔

شرکاء نے اس بات پر زور دیا کہ عوامی نمائندوں اور انتظامیہ کے درمیان رابطے کو مزید مضبوط بنایا جائے تاکہ مسائل بروقت حل ہو سکیں۔

بقیہ نمبر	36

اجلاس میں تعلیم، صحت اور مواصلات کے شعبوں میں جاری منصوبوں کا جائزہ لیا گیا اور متعلقہ حکام کو ہدایات جاری کی گئیں کہ کام کی رفتار تیز کی جائے۔

شرکاء نے اس بات پر زور دیا کہ عوامی نمائندوں اور انتظامیہ کے درمیان رابطے کو مزید مضبوط بنایا جائے تاکہ مسائل بروقت حل ہو سکیں۔

وزیر نے کہا کہ رمضان المبارک کے دوران اشیائے خوردونوش کی قیمتوں کو کنٹرول میں رکھنے کے لیے پرائس کنٹرول کمیٹیاں فعال کر دی گئی ہیں۔

بقیہ نمبر	37

شرکاء نے اس بات پر زور دیا کہ عوامی نمائندوں اور انتظامیہ کے درمیان رابطے کو مزید مضبوط بنایا جائے تاکہ مسائل بروقت حل ہو سکیں۔

وزیر نے کہا کہ رمضان المبارک کے دوران اشیائے خوردونوش کی قیمتوں کو کنٹرول میں رکھنے کے لیے پرائس کنٹرول کمیٹیاں فعال کر دی گئی ہیں۔

مظفرآباد میں منعقدہ اجلاس کی صدارت کرتے ہوئے انہوں نے کہا کہ عوامی مسائل کے حل کے لیے حکومت تمام وسائل بروئے کار لا رہی ہے اور ترقیاتی منصوبوں کو مقررہ وقت میں مکمل کیا جائے گا۔

بقیہ نمبر	38

وزیر نے کہا کہ رمضان المبارک کے دوران اشیائے خوردونوش کی قیمتوں کو کنٹرول میں رکھنے کے لیے پرائس کنٹرول کمیٹیاں فعال کر دی گئی ہیں۔

مظفرآباد میں منعقدہ اجلاس کی صدارت کرتے ہوئے انہوں نے کہا کہ عوامی مسائل کے حل کے لیے حکومت تمام وسائل بروئے کار لا رہی ہے اور ترقیاتی منصوبوں کو مقررہ وقت میں مکمل کیا جائے گا۔

انہوں نے مزید کہا کہ آزاد کشمیر کے عوام نے ہمیشہ قربانیاں دی ہیں اور ان کی خدمت ہمارا فرض ہے۔ اس موقع پر مختلف محکموں کے افسران نے بریفنگ دی۔

مظفرآباد میں منعقدہ اجلاس کی صدارت کرتے ہوئے انہوں نے کہا کہ عوامی مسائل کے حل کے لیے حکومت تمام وسائل بروئے کار لا رہی ہے اور ترقیاتی منصوبوں کو مقررہ وقت میں مکمل کیا جائے گا۔

انہوں نے مزید کہا کہ آزاد کشمیر کے عوام نے ہمیشہ قربانیاں دی ہیں اور ان کی خدمت ہمارا فرض ہے۔ اس موقع پر مختلف محکموں کے افسران نے بریفنگ دی۔

اجلاس میں تعلیم، صحت اور مواصلات کے شعبوں میں جاری منصوبوں کا جائزہ لیا گیا اور متعلقہ حکام کو ہدایات جاری کی گئیں کہ کام کی رفتار تیز کی جائے۔

شرکاء نے اس بات پر زور دیا کہ عوامی نمائندوں اور انتظامیہ کے درمیان رابطے کو مزید مضبوط بنایا جائے تاکہ مسائل بروقت حل ہو سکیں۔

وزیر نے کہا کہ رمضان المبارک کے دوران اشیائے خوردونوش کی قیمتوں کو کنٹرول میں رکھنے کے لیے پرائس کنٹرول کمیٹیاں فعال کر دی گئی ہیں۔

مظفرآباد میں منعقدہ اجلاس کی صدارت کرتے ہوئے انہوں نے کہا کہ عوامی مسائل کے حل کے لیے حکومت تمام وسائل بروئے کار لا رہی ہے اور ترقیاتی منصوبوں کو مقررہ وقت میں مکمل کیا جائے گا۔

انہوں نے مزید کہا کہ آزاد کشمیر کے عوام نے ہمیشہ قربانیاں دی ہیں اور ان کی خدمت ہمارا فرض ہے۔ اس موقع پر مختلف محکموں کے افسران نے بریفنگ دی۔

اجلاس میں تعلیم، صحت اور مواصلات کے شعبوں میں جاری منصوبوں کا جائزہ لیا گیا اور متعلقہ حکام کو ہدایات جاری کی گئیں کہ کام کی رفتار تیز کی جائے۔

شرکاء نے اس بات پر زور دیا کہ عوامی نمائندوں اور انتظامیہ کے درمیان رابطے کو مزید مضبوط بنایا جائے تاکہ مسائل بروقت حل ہو سکیں۔

وزیر نے کہا کہ رمضان المبارک کے دوران اشیائے خوردونوش کی قیمتوں کو کنٹرول میں رکھنے کے لیے پرائس کنٹرول کمیٹیاں فعال کر دی گئی ہیں۔

مظفرآباد میں منعقدہ اجلاس کی صدارت کرتے ہوئے انہوں نے کہا کہ عوامی مسائل کے حل کے لیے حکومت تمام وسائل بروئے کار لا رہی ہے اور ترقیاتی منصوبوں کو مقررہ وقت میں مکمل کیا جائے گا۔

انہوں نے مزید کہا کہ آزاد کشمیر کے عوام نے ہمیشہ قربانیاں دی ہیں اور ان کی خدمت ہمارا فرض ہے۔ اس موقع پر مختلف محکموں کے افسران نے بریفنگ دی۔

انہوں نے مزید کہا کہ آزاد کشمیر کے عوام نے ہمیشہ قربانیاں دی ہیں اور ان کی خدمت ہمارا فرض ہے۔ اس موقع پر مختلف محکموں کے افسران نے بریفنگ دی۔

اجلاس میں تعلیم، صحت اور مواصلات کے شعبوں میں جاری منصوبوں کا جائزہ لیا گیا اور متعلقہ حکام کو ہدایات جاری کی گئیں کہ کام کی رفتار تیز کی جائے۔

بقیہ نمبر	39

شرکاء نے اس بات پر زور دیا کہ عوامی نمائندوں اور انتظامیہ کے درمیان رابطے کو مزید مضبوط بنایا جائے تاکہ مسائل بروقت حل ہو سکیں۔

وزیر نے کہا کہ رمضان المبارک کے دوران اشیائے خوردونوش کی قیمتوں کو کنٹرول میں رکھنے کے لیے پرائس کنٹرول کمیٹیاں فعال کر دی گئی ہیں۔

مظفرآباد میں منعقدہ اجلاس کی صدارت کرتے ہوئے انہوں نے کہا کہ عوامی مسائل کے حل کے لیے حکومت تمام وسائل بروئے کار لا رہی ہے اور ترقیاتی منصوبوں کو مقررہ وقت میں مکمل کیا جائے گا۔

بقیہ نمبر	40

وزیر نے کہا کہ رمضان المبارک کے دوران اشیائے خوردونوش کی قیمتوں کو کنٹرول میں رکھنے کے لیے پرائس کنٹرول کمیٹیاں فعال کر دی گئی ہیں۔

مظفرآباد میں منعقدہ اجلاس کی صدارت کرتے ہوئے انہوں نے کہا کہ عوامی مسائل کے حل کے لیے حکومت تمام وسائل بروئے کار لا رہی ہے اور ترقیاتی منصوبوں کو مقررہ وقت میں مکمل کیا جائے گا۔

انہوں نے مزید کہا کہ آزاد کشمیر کے عوام نے ہمیشہ قربانیاں دی ہیں اور ان کی خدمت ہمارا فرض ہے۔ اس موقع پر مختلف محکموں کے افسران نے بریفنگ دی۔

بقیہ نمبر	41

مظفرآباد میں منعقدہ اجلاس کی صدارت کرتے ہوئے انہوں نے کہا کہ عوامی مسائل کے حل کے لیے حکومت تمام وسائل بروئے کار لا رہی ہے اور ترقیاتی منصوبوں کو مقررہ وقت میں مکمل کیا جائے گا۔

انہوں نے مزید کہا کہ آزاد کشمیر کے عوام نے ہمیشہ قربانیاں دی ہیں اور ان کی خدمت ہمارا فرض ہے۔ اس موقع پر مختلف محکموں کے افسران نے بریفنگ دی۔

اجلاس میں تعلیم، صحت اور مواصلات کے شعبوں میں جاری منصوبوں کا جائزہ لیا گیا اور متعلقہ حکام کو ہدایات جاری کی گئیں کہ کام کی رفتار تیز کی جائے۔

بقیہ نمبر	42

انہوں نے مزید کہا کہ آزاد کشمیر کے عوام نے ہمیشہ قربانیاں دی ہیں اور ان کی خدمت ہمارا فرض ہے۔ اس موقع پر مختلف محکموں کے افسران نے بریفنگ دی۔

اجلاس میں تعلیم، صحت اور مواصلات کے شعبوں میں جاری منصوبوں کا جائزہ لیا گیا اور متعلقہ حکام کو ہدایات جاری کی گئیں کہ کام کی رفتار تیز کی جائے۔

شرکاء نے اس بات پر زور دیا کہ عوامی نمائندوں اور انتظامیہ کے درمیان رابطے کو مزید مضبوط بنایا جائے تاکہ مسائل بروقت حل ہو سکیں۔

بقیہ نمبر	43

اجلاس میں تعلیم، صحت اور مواصلات کے شعبوں میں جاری منصوبوں کا جائزہ لیا گیا اور متعلقہ حکام کو ہدایات جاری کی گئیں کہ کام کی رفتار تیز کی جائے۔

شرکاء نے اس بات پر زور دیا کہ عوامی نمائندوں اور انتظامیہ کے درمیان رابطے کو مزید مضبوط بنایا جائے تاکہ مسائل بروقت حل ہو سکیں۔

وزیر نے کہا کہ رمضان المبارک کے دوران اشیائے خوردونوش کی قیمتوں کو کنٹرول میں رکھنے کے لیے پرائس کنٹرول کمیٹیاں فعال کر دی گئی ہیں۔

بقیہ نمبر	44

شرکاء نے اس بات پر زور دیا کہ عوامی نمائندوں اور انتظامیہ کے درمیان رابطے کو مزید مضبوط بنایا جائے تاکہ مسائل بروقت حل ہو سکیں۔

وزیر نے کہا کہ رمضان المبارک کے دوران اشیائے خوردونوش کی قیمتوں کو کنٹرول میں رکھنے کے لیے پرائس کنٹرول کمیٹیاں فعال کر دی گئی ہیں۔

مظفرآباد میں منعقدہ اجلاس کی صدارت کرتے ہوئے انہوں نے کہا کہ عوامی مسائل کے حل کے لیے حکومت تمام وسائل بروئے کار لا رہی ہے اور ترقیاتی منصوبوں کو مقررہ وقت میں مکمل کیا جائے گا۔

بقیہ نمبر	45

وزیر نے کہا کہ رمضان المبارک کے دوران اشیائے خوردونوش کی قیمتوں کو کنٹرول میں رکھنے کے لیے پرائس کنٹرول کمیٹیاں فعال کر دی گئی ہیں۔

مظفرآباد میں منعقدہ اجلاس کی صدارت کرتے ہوئے انہوں نے کہا کہ عوامی مسائل کے حل کے لیے حکومت تمام وسائل بروئے کار لا رہی ہے اور ترقیاتی منصوبوں کو مقررہ وقت میں مکمل کیا جائے گا۔

انہوں نے مزید کہا کہ آزاد کشمیر کے عوام نے ہمیشہ قربانیاں دی ہیں اور ان کی خدمت ہمارا فرض ہے۔ اس موقع پر مختلف محکموں کے افسران نے بریفنگ دی۔

انہوں نے مزید کہا کہ آزاد کشمیر کے عوام نے ہمیشہ قربانیاں دی ہیں اور ان کی خدمت ہمارا فرض ہے۔ اس موقع پر مختلف محکموں کے افسران نے بریفنگ دی۔

اجلاس میں تعلیم، صحت اور مواصلات کے شعبوں میں جاری منصوبوں کا جائزہ لیا گیا اور متعلقہ حکام کو ہدایات جاری کی گئیں کہ کام کی رفتار تیز کی جائے۔

شرکاء نے اس بات پر زور دیا کہ عوامی نمائندوں اور انتظامیہ کے درمیان رابطے کو مزید مضبوط بنایا جائے تاکہ مسائل بروقت حل ہو سکیں۔

وزیر نے کہا کہ رمضان المبارک کے دوران اشیائے خوردونوش کی قیمتوں کو کنٹرول میں رکھنے کے لیے پرائس کنٹرول کمیٹیاں فعال کر دی گئی ہیں۔

مظفرآباد میں منعقدہ اجلاس کی صدارت کرتے ہوئے انہوں نے کہا کہ عوامی مسائل کے حل کے لیے حکومت تمام وسائل بروئے کار لا رہی ہے اور ترقیاتی منصوبوں کو مقررہ وقت میں مکمل کیا جائے گا۔

انہوں نے مزید کہا کہ آزاد کشمیر کے عوام نے ہمیشہ قربانیاں دی ہیں اور ان کی خدمت ہمارا فرض ہے۔ اس موقع پر مختلف محکموں کے افسران نے بریفنگ دی۔

اجلاس میں تعلیم، صحت اور مواصلات کے شعبوں میں جاری منصوبوں کا جائزہ لیا گیا اور متعلقہ حکام کو ہدایات جاری کی گئیں کہ کام کی رفتار تیز کی جائے۔

شرکاء نے اس بات پر زور دیا کہ عوامی نمائندوں اور انتظامیہ کے درمیان رابطے کو مزید مضبوط بنایا جائے تاکہ مسائل بروقت حل ہو سکیں۔

وزیر نے کہا کہ رمضان المبارک کے دوران اشیائے خوردونوش کی قیمتوں کو کنٹرول میں رکھنے کے لیے پرائس کنٹرول کمیٹیاں فعال کر دی گئی ہیں۔

مظفرآباد میں منعقدہ اجلاس کی صدارت کرتے ہوئے انہوں نے کہا کہ عوامی مسائل کے حل کے لیے حکومت تمام وسائل بروئے کار لا رہی ہے اور ترقیاتی منصوبوں کو مقررہ وقت میں مکمل کیا جائے گا۔

انہوں نے مزید کہا کہ آزاد کشمیر کے عوام نے ہمیشہ قربانیاں دی ہیں اور ان کی خدمت ہمارا فرض ہے۔ اس موقع پر مختلف محکموں کے افسران نے بریفنگ دی۔

اجلاس میں تعلیم، صحت اور مواصلات کے شعبوں میں جاری منصوبوں کا جائزہ لیا گیا اور متعلقہ حکام کو ہدایات جاری کی گئیں کہ کام کی رفتار تیز کی جائے۔

تلاش گمشدگی پاسپورٹ
میرا پاسپورٹ نمبر DB1173711 بمطابق 08/02/22 چیک نمبر 330 تصدیق کیا گیا۔ 330 چیک نمبر 330 تصدیق ایکسپائری

اجلاس میں تعلیم، صحت اور مواصلات کے شعبوں میں جاری منصوبوں کا جائزہ لیا گیا اور متعلقہ حکام کو ہدایات جاری کی گئیں کہ کام کی رفتار تیز کی جائے۔

شرکاء نے اس بات پر زور دیا کہ عوامی نمائندوں اور انتظامیہ کے درمیان رابطے کو مزید مضبوط بنایا جائے تاکہ مسائل بروقت حل ہو سکیں۔

بقیہ نمبر	46

وزیر نے کہا کہ رمضان المبارک کے دوران اشیائے خوردونوش کی قیمتوں کو کنٹرول میں رکھنے کے لیے پرائس کنٹرول کمیٹیاں فعال کر دی گئی ہیں۔

مظفرآباد میں منعقدہ اجلاس کی صدارت کرتے ہوئے انہوں نے کہا کہ عوامی مسائل کے حل کے لیے حکومت تمام وسائل بروئے کار لا رہی ہے اور ترقیاتی منصوبوں کو مقررہ وقت میں مکمل کیا جائے گا۔

انہوں نے مزید کہا کہ آزاد کشمیر کے عوام نے ہمیشہ قربانیاں دی ہیں اور ان کی خدمت ہمارا فرض ہے۔ اس موقع پر مختلف محکموں کے افسران نے بریفنگ دی۔

بقیہ نمبر	47

مظفرآباد میں منعقدہ اجلاس کی صدارت کرتے ہوئے انہوں نے کہا کہ عوامی مسائل کے حل کے لیے حکومت تمام وسائل بروئے کار لا رہی ہے اور ترقیاتی منصوبوں کو مقررہ وقت میں مکمل کیا جائے گا۔

انہوں نے مزید کہا کہ آزاد کشمیر کے عوام نے ہمیشہ قربانیاں دی ہیں اور ان کی خدمت ہمارا فرض ہے۔ اس موقع پر مختلف محکموں کے افسران نے بریفنگ دی۔

اجلاس میں تعلیم، صحت اور مواصلات کے شعبوں میں جاری منصوبوں کا جائزہ لیا گیا اور متعلقہ حکام کو ہدایات جاری کی گئیں کہ کام کی رفتار تیز کی جائے۔

بقیہ نمبر	48

انہوں نے مزید کہا کہ آزاد کشمیر کے عوام نے ہمیشہ قربانیاں دی ہیں اور ان کی خدمت ہمارا فرض ہے۔ اس موقع پر مختلف محکموں کے افسران نے بریفنگ دی۔

اجلاس میں تعلیم، صحت اور مواصلات کے شعبوں میں جاری منصوبوں کا جائزہ لیا گیا اور متعلقہ حکام کو ہدایات جاری کی گئیں کہ کام کی رفتار تیز کی جائے۔

شرکاء نے اس بات پر زور دیا کہ عوامی نمائندوں اور انتظامیہ کے درمیان رابطے کو مزید مضبوط بنایا جائے تاکہ مسائل بروقت حل ہو سکیں۔

بقیہ نمبر	49

اجلاس میں تعلیم، صحت اور مواصلات کے شعبوں میں جاری منصوبوں کا جائزہ لیا گیا اور متعلقہ حکام کو ہدایات جاری کی گئیں کہ کام کی رفتار تیز کی جائے۔

شرکاء نے اس بات پر زور دیا کہ عوامی نمائندوں اور انتظامیہ کے درمیان رابطے کو مزید مضبوط بنایا جائے تاکہ مسائل بروقت حل ہو سکیں۔

وزیر نے کہا کہ رمضان المبارک کے دوران اشیائے خوردونوش کی قیمتوں کو کنٹرول میں رکھنے کے لیے پرائس کنٹرول کمیٹیاں فعال کر دی گئی ہیں۔

بقیہ نمبر	50

شرکاء نے اس بات پر زور دیا کہ عوامی نمائندوں اور انتظامیہ کے درمیان رابطے کو مزید مضبوط بنایا جائے تاکہ مسائل بروقت حل ہو سکیں۔

وزیر نے کہا کہ رمضان المبارک کے دوران اشیائے خوردونوش کی قیمتوں کو کنٹرول میں رکھنے کے لیے پرائس کنٹرول کمیٹیاں فعال کر دی گئی ہیں۔

مظفرآباد میں منعقدہ اجلاس کی صدارت کرتے ہوئے انہوں نے کہا کہ عوامی مسائل کے حل کے لیے حکومت تمام وسائل بروئے کار لا رہی ہے اور ترقیاتی منصوبوں کو مقررہ وقت میں مکمل کیا جائے گا۔

بقیہ نمبر	51

وزیر نے کہا کہ رمضان المبارک کے دوران اشیائے خوردونوش کی قیمتوں کو کنٹرول میں رکھنے کے لیے پرائس کنٹرول کمیٹیاں فعال کر دی گئی ہیں۔

مظفرآباد میں منعقدہ اجلاس کی صدارت کرتے ہوئے انہوں نے کہا کہ عوامی مسائل کے حل کے لیے حکومت تمام وسائل بروئے کار لا رہی ہے اور ترقیاتی منصوبوں کو مقررہ وقت میں مکمل کیا جائے گا۔

انہوں نے مزید کہا کہ آزاد کشمیر کے عوام نے ہمیشہ قربانیاں دی ہیں اور ان کی خدمت ہمارا فرض ہے۔ اس موقع پر مختلف محکموں کے افسران نے بریفنگ دی۔

اجلاس میں تعلیم، صحت اور مواصلات کے شعبوں میں جاری منصوبوں کا جائزہ لیا گیا اور متعلقہ حکام کو ہدایات جاری کی گئیں کہ کام کی رفتار تیز کی جائے۔

شرکاء نے اس بات پر زور دیا کہ عوامی نمائندوں اور انتظامیہ کے درمیان رابطے کو مزید مضبوط بنایا جائے تاکہ مسائل بروقت حل ہو سکیں۔

وزیر نے کہا کہ رمضان المبارک کے دوران اشیائے خوردونوش کی قیمتوں کو کنٹرول میں رکھنے کے لیے پرائس کنٹرول کمیٹیاں فعال کر دی گئی ہیں۔

مظفرآباد میں منعقدہ اجلاس کی صدارت کرتے ہوئے انہوں نے کہا کہ عوامی مسائل کے حل کے لیے حکومت تمام وسائل بروئے کار لا رہی ہے اور ترقیاتی منصوبوں کو مقررہ وقت میں مکمل کیا جائے گا۔

انہوں نے مزید کہا کہ آزاد کشمیر کے عوام نے ہمیشہ قربانیاں دی ہیں اور ان کی خدمت ہمارا فرض ہے۔ اس موقع پر مختلف محکموں کے افسران نے بریفنگ دی۔

اجلاس میں تعلیم، صحت اور مواصلات کے شعبوں میں جاری منصوبوں کا جائزہ لیا گیا اور متعلقہ حکام کو ہدایات جاری کی گئیں کہ کام کی رفتار تیز کی جائے۔

شرکاء نے اس بات پر زور دیا کہ عوامی نمائندوں اور انتظامیہ کے درمیان رابطے کو مزید مضبوط بنایا جائے تاکہ مسائل بروقت حل ہو سکیں۔

وزیر نے کہا کہ رمضان المبارک کے دوران اشیائے خوردونوش کی قیمتوں کو کنٹرول میں رکھنے کے لیے پرائس کنٹرول کمیٹیاں فعال کر دی گئی ہیں۔

مظفرآباد میں منعقدہ اجلاس کی صدارت کرتے ہوئے انہوں نے کہا کہ عوامی مسائل کے حل کے لیے حکومت تمام وسائل بروئے کار لا رہی ہے اور ترقیاتی منصوبوں کو مقررہ وقت میں مکمل کیا جائے گا۔

انہوں نے مزید کہا کہ آزاد کشمیر کے عوام نے ہمیشہ قربانیاں دی ہیں اور ان کی خدمت ہمارا فرض ہے۔ اس موقع پر مختلف محکموں کے افسران نے بریفنگ دی۔

اجلاس میں تعلیم، صحت اور مواصلات کے شعبوں میں جاری منصوبوں کا جائزہ لیا گیا اور متعلقہ حکام کو ہدایات جاری کی گئیں کہ کام کی رفتار تیز کی جائے۔

شرکاء نے اس بات پر زور دیا کہ عوامی نمائندوں اور انتظامیہ کے درمیان رابطے کو مزید مضبوط بنایا جائے تاکہ مسائل بروقت حل ہو سکیں۔

☆☆☆☆☆☆☆
